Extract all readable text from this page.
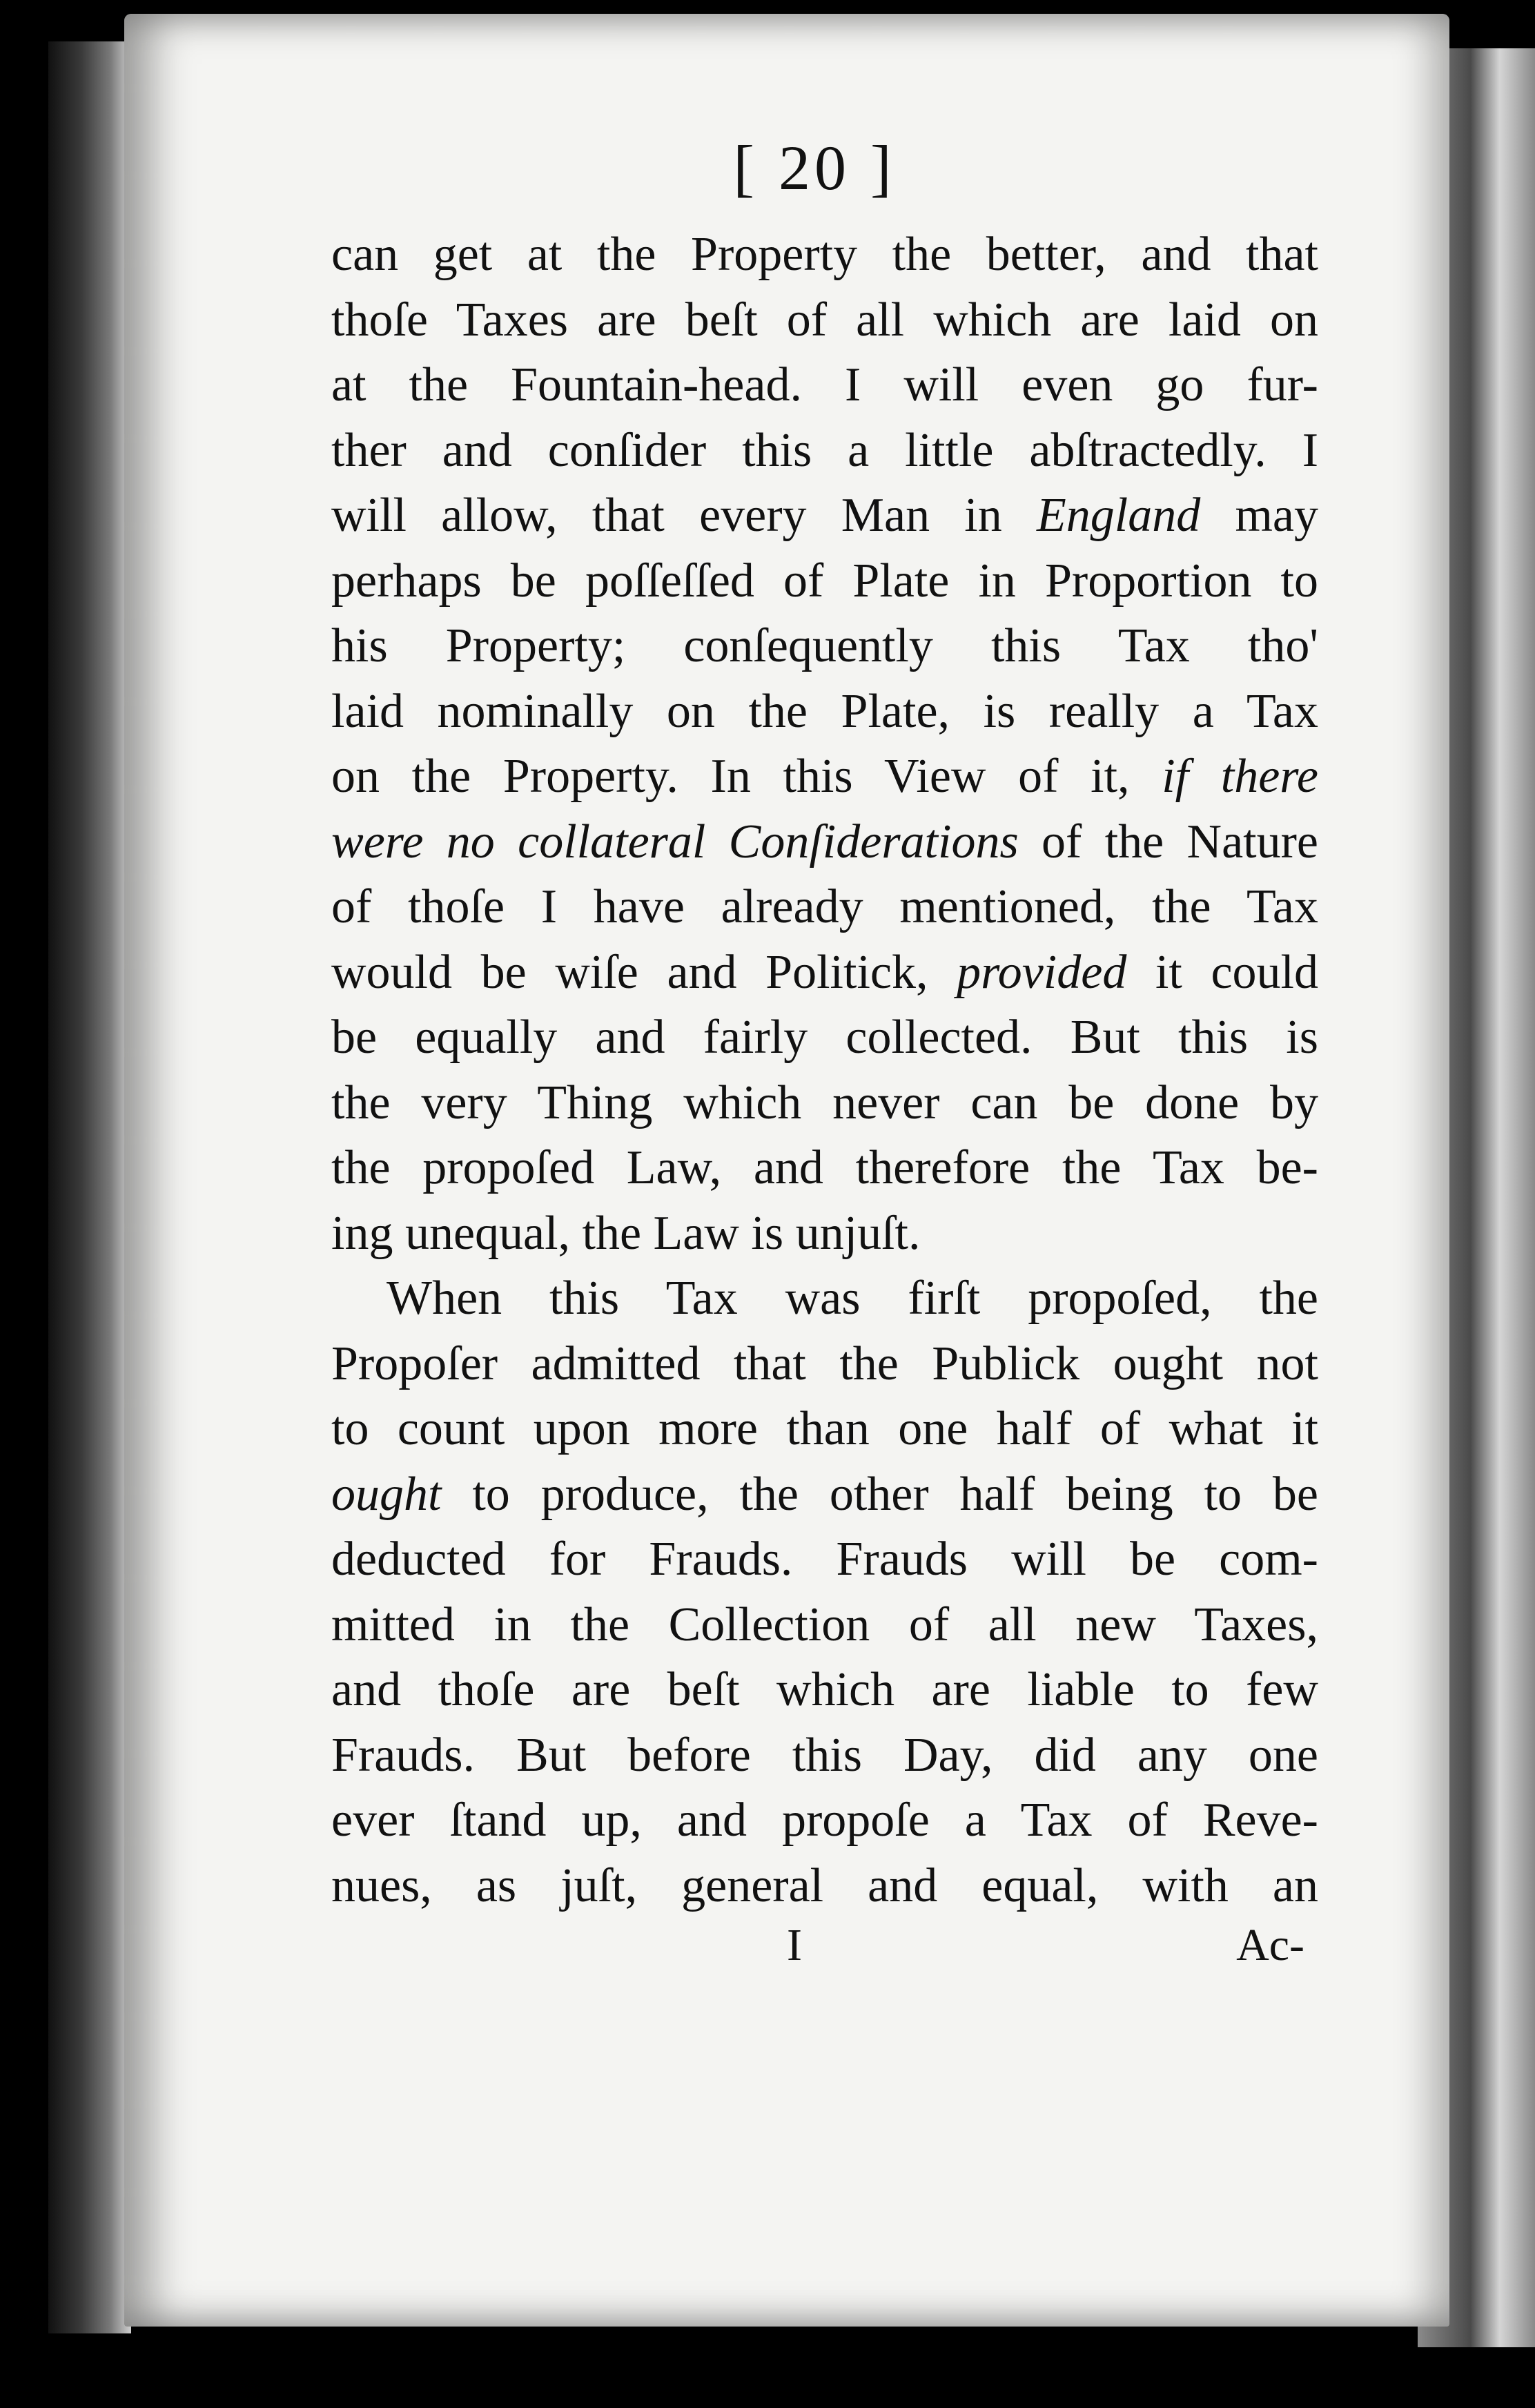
[ 20 ]
can get at the Property the better, and that
thoſe Taxes are beſt of all which are laid on
at the Fountain-head. I will even go fur-
ther and conſider this a little abſtractedly. I
will allow, that every Man in England may
perhaps be poſſeſſed of Plate in Proportion to
his Property; conſequently this Tax tho'
laid nominally on the Plate, is really a Tax
on the Property. In this View of it, if there
were no collateral Conſiderations of the Nature
of thoſe I have already mentioned, the Tax
would be wiſe and Politick, provided it could
be equally and fairly collected. But this is
the very Thing which never can be done by
the propoſed Law, and therefore the Tax be-
ing unequal, the Law is unjuſt.
When this Tax was firſt propoſed, the
Propoſer admitted that the Publick ought not
to count upon more than one half of what it
ought to produce, the other half being to be
deducted for Frauds. Frauds will be com-
mitted in the Collection of all new Taxes,
and thoſe are beſt which are liable to few
Frauds. But before this Day, did any one
ever ſtand up, and propoſe a Tax of Reve-
nues, as juſt, general and equal, with an
I	Ac-
